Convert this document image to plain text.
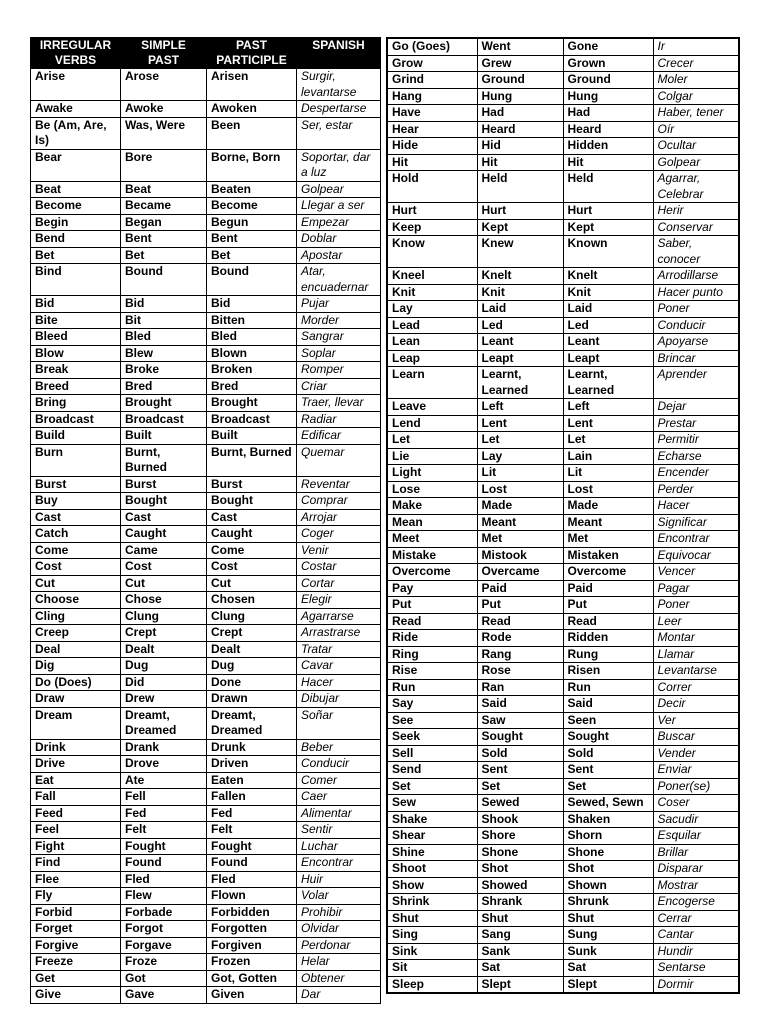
IRREGULAR VERBS	SIMPLE PAST	PAST PARTICIPLE	SPANISH
Arise	Arose	Arisen	Surgir, levantarse
Awake	Awoke	Awoken	Despertarse
Be (Am, Are, Is)	Was, Were	Been	Ser, estar
Bear	Bore	Borne, Born	Soportar, dar a luz
Beat	Beat	Beaten	Golpear
Become	Became	Become	Llegar a ser
Begin	Began	Begun	Empezar
Bend	Bent	Bent	Doblar
Bet	Bet	Bet	Apostar
Bind	Bound	Bound	Atar, encuadernar
Bid	Bid	Bid	Pujar
Bite	Bit	Bitten	Morder
Bleed	Bled	Bled	Sangrar
Blow	Blew	Blown	Soplar
Break	Broke	Broken	Romper
Breed	Bred	Bred	Criar
Bring	Brought	Brought	Traer, llevar
Broadcast	Broadcast	Broadcast	Radiar
Build	Built	Built	Edificar
Burn	Burnt, Burned	Burnt, Burned	Quemar
Burst	Burst	Burst	Reventar
Buy	Bought	Bought	Comprar
Cast	Cast	Cast	Arrojar
Catch	Caught	Caught	Coger
Come	Came	Come	Venir
Cost	Cost	Cost	Costar
Cut	Cut	Cut	Cortar
Choose	Chose	Chosen	Elegir
Cling	Clung	Clung	Agarrarse
Creep	Crept	Crept	Arrastrarse
Deal	Dealt	Dealt	Tratar
Dig	Dug	Dug	Cavar
Do (Does)	Did	Done	Hacer
Draw	Drew	Drawn	Dibujar
Dream	Dreamt, Dreamed	Dreamt, Dreamed	Soñar
Drink	Drank	Drunk	Beber
Drive	Drove	Driven	Conducir
Eat	Ate	Eaten	Comer
Fall	Fell	Fallen	Caer
Feed	Fed	Fed	Alimentar
Feel	Felt	Felt	Sentir
Fight	Fought	Fought	Luchar
Find	Found	Found	Encontrar
Flee	Fled	Fled	Huir
Fly	Flew	Flown	Volar
Forbid	Forbade	Forbidden	Prohibir
Forget	Forgot	Forgotten	Olvidar
Forgive	Forgave	Forgiven	Perdonar
Freeze	Froze	Frozen	Helar
Get	Got	Got, Gotten	Obtener
Give	Gave	Given	Dar
Go (Goes)	Went	Gone	Ir
Grow	Grew	Grown	Crecer
Grind	Ground	Ground	Moler
Hang	Hung	Hung	Colgar
Have	Had	Had	Haber, tener
Hear	Heard	Heard	Oír
Hide	Hid	Hidden	Ocultar
Hit	Hit	Hit	Golpear
Hold	Held	Held	Agarrar, Celebrar
Hurt	Hurt	Hurt	Herir
Keep	Kept	Kept	Conservar
Know	Knew	Known	Saber, conocer
Kneel	Knelt	Knelt	Arrodillarse
Knit	Knit	Knit	Hacer punto
Lay	Laid	Laid	Poner
Lead	Led	Led	Conducir
Lean	Leant	Leant	Apoyarse
Leap	Leapt	Leapt	Brincar
Learn	Learnt, Learned	Learnt, Learned	Aprender
Leave	Left	Left	Dejar
Lend	Lent	Lent	Prestar
Let	Let	Let	Permitir
Lie	Lay	Lain	Echarse
Light	Lit	Lit	Encender
Lose	Lost	Lost	Perder
Make	Made	Made	Hacer
Mean	Meant	Meant	Significar
Meet	Met	Met	Encontrar
Mistake	Mistook	Mistaken	Equivocar
Overcome	Overcame	Overcome	Vencer
Pay	Paid	Paid	Pagar
Put	Put	Put	Poner
Read	Read	Read	Leer
Ride	Rode	Ridden	Montar
Ring	Rang	Rung	Llamar
Rise	Rose	Risen	Levantarse
Run	Ran	Run	Correr
Say	Said	Said	Decir
See	Saw	Seen	Ver
Seek	Sought	Sought	Buscar
Sell	Sold	Sold	Vender
Send	Sent	Sent	Enviar
Set	Set	Set	Poner(se)
Sew	Sewed	Sewed, Sewn	Coser
Shake	Shook	Shaken	Sacudir
Shear	Shore	Shorn	Esquilar
Shine	Shone	Shone	Brillar
Shoot	Shot	Shot	Disparar
Show	Showed	Shown	Mostrar
Shrink	Shrank	Shrunk	Encogerse
Shut	Shut	Shut	Cerrar
Sing	Sang	Sung	Cantar
Sink	Sank	Sunk	Hundir
Sit	Sat	Sat	Sentarse
Sleep	Slept	Slept	Dormir
